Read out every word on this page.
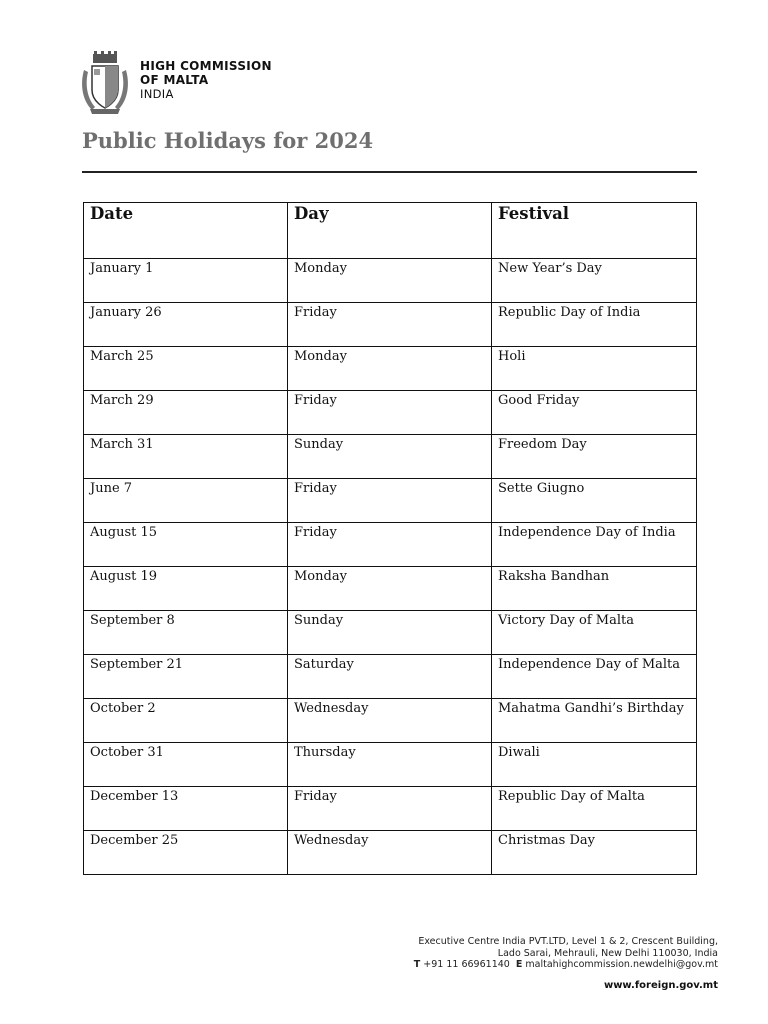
HIGH COMMISSION
OF MALTA
INDIA
Public Holidays for 2024
Date	Day	Festival

January 1	Monday	New Year’s Day

January 26	Friday	Republic Day of India

March 25	Monday	Holi

March 29	Friday	Good Friday

March 31	Sunday	Freedom Day

June 7	Friday	Sette Giugno

August 15	Friday	Independence Day of India

August 19	Monday	Raksha Bandhan

September 8	Sunday	Victory Day of Malta

September 21	Saturday	Independence Day of Malta

October 2	Wednesday	Mahatma Gandhi’s Birthday

October 31	Thursday	Diwali

December 13	Friday	Republic Day of Malta

December 25	Wednesday	Christmas Day
Executive Centre India PVT.LTD, Level 1 & 2, Crescent Building,
Lado Sarai, Mehrauli, New Delhi 110030, India
T +91 11 66961140 E maltahighcommission.newdelhi@gov.mt
www.foreign.gov.mt
